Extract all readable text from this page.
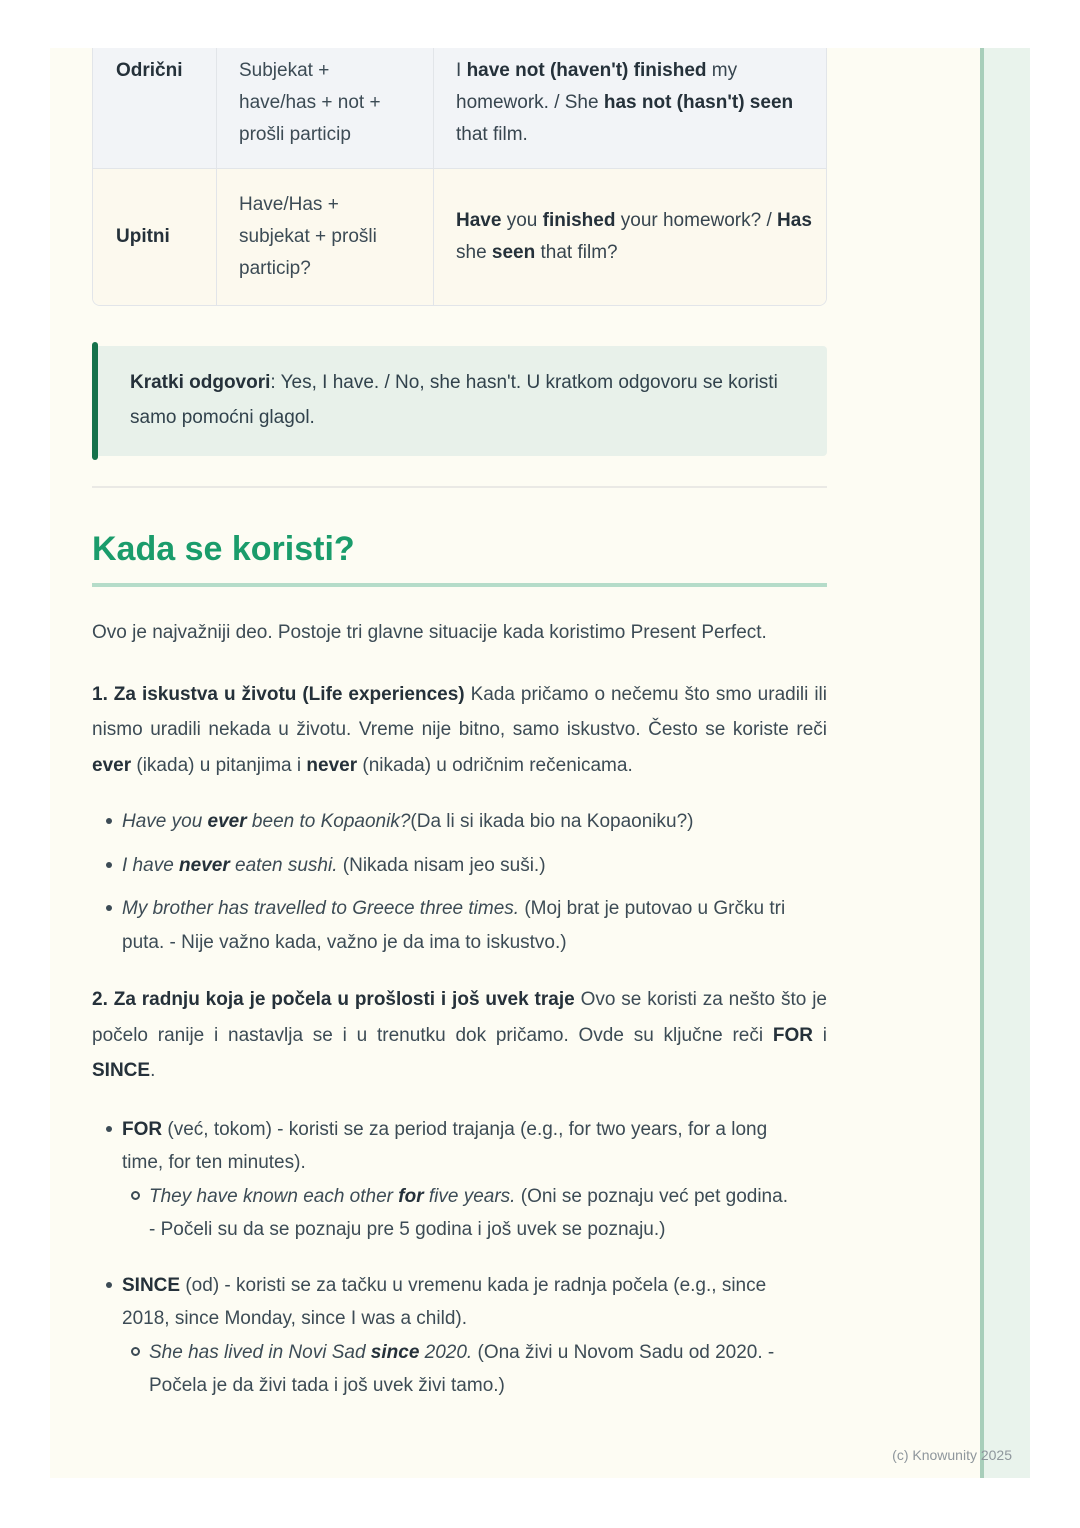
Odrični	Subjekat + have/has + not + prošli particip
I have not (haven't) finished my homework. / She has not (hasn't) seen that film.
Upitni
Have/Has + subjekat + prošli particip?
Have you finished your homework? / Has she seen that film?
Kratki odgovori: Yes, I have. / No, she hasn't. U kratkom odgovoru se koristi samo pomoćni glagol.
Kada se koristi?

Ovo je najvažniji deo. Postoje tri glavne situacije kada koristimo Present Perfect.

1. Za iskustva u životu (Life experiences) Kada pričamo o nečemu što smo uradili ili nismo uradili nekada u životu. Vreme nije bitno, samo iskustvo. Često se koriste reči ever (ikada) u pitanjima i never (nikada) u odričnim rečenicama.

Have you ever been to Kopaonik?(Da li si ikada bio na Kopaoniku?)
I have never eaten sushi. (Nikada nisam jeo suši.)
My brother has travelled to Greece three times. (Moj brat je putovao u Grčku tri puta. - Nije važno kada, važno je da ima to iskustvo.)

2. Za radnju koja je počela u prošlosti i još uvek traje Ovo se koristi za nešto što je počelo ranije i nastavlja se i u trenutku dok pričamo. Ovde su ključne reči FOR i SINCE.

FOR (već, tokom) - koristi se za period trajanja (e.g., for two years, for a long time, for ten minutes).
They have known each other for five years. (Oni se poznaju već pet godina. - Počeli su da se poznaju pre 5 godina i još uvek se poznaju.)
SINCE (od) - koristi se za tačku u vremenu kada je radnja počela (e.g., since 2018, since Monday, since I was a child).
She has lived in Novi Sad since 2020. (Ona živi u Novom Sadu od 2020. - Počela je da živi tada i još uvek živi tamo.)
(c) Knowunity 2025
